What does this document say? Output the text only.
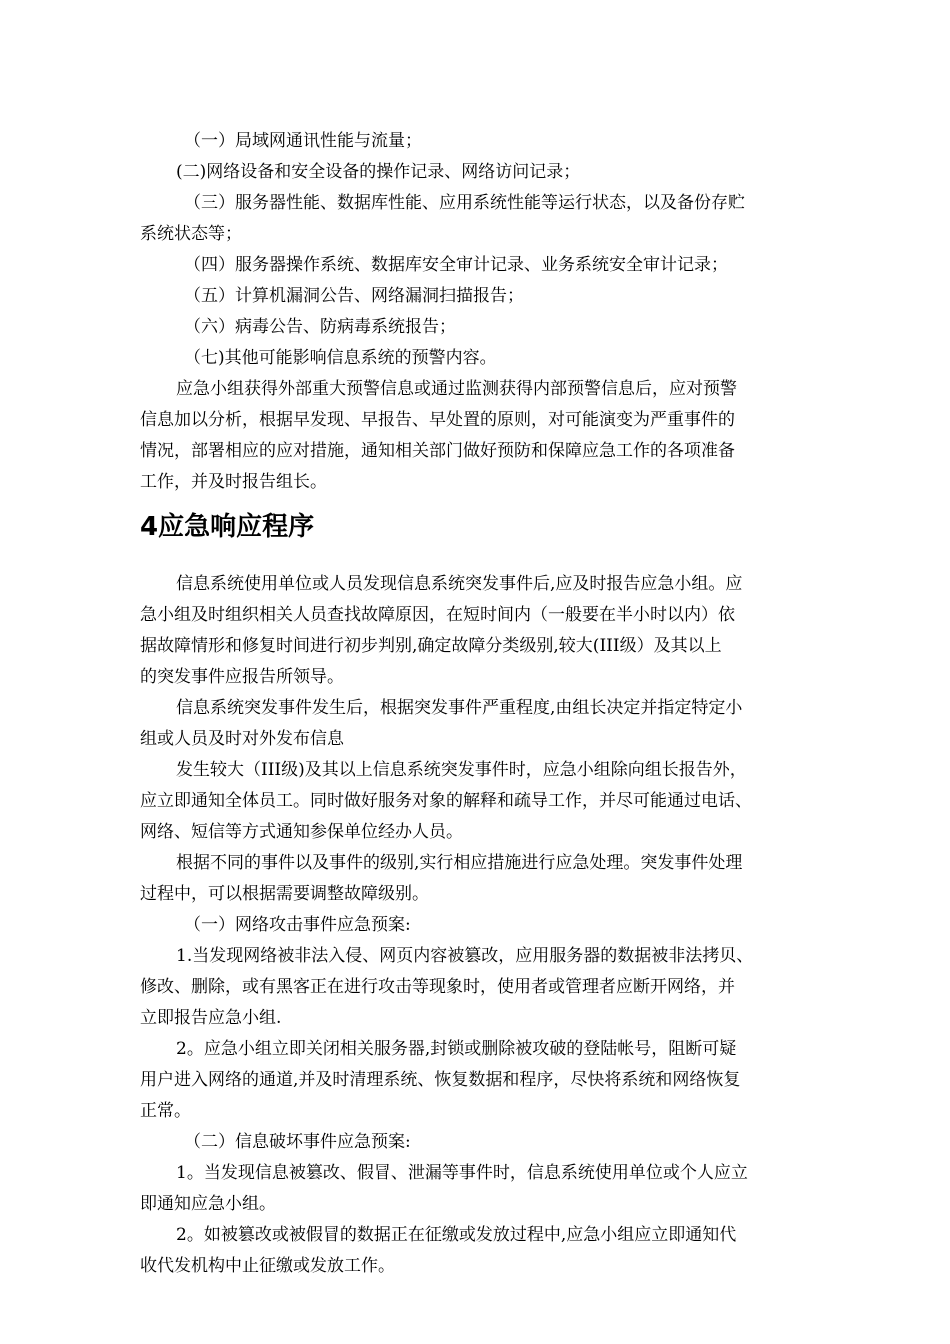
（一）局域网通讯性能与流量；
(二)网络设备和安全设备的操作记录、网络访问记录；
（三）服务器性能、数据库性能、应用系统性能等运行状态，以及备份存贮
系统状态等；
（四）服务器操作系统、数据库安全审计记录、业务系统安全审计记录；
（五）计算机漏洞公告、网络漏洞扫描报告；
（六）病毒公告、防病毒系统报告；
（七)其他可能影响信息系统的预警内容。
应急小组获得外部重大预警信息或通过监测获得内部预警信息后，应对预警
信息加以分析，根据早发现、早报告、早处置的原则，对可能演变为严重事件的
情况，部署相应的应对措施，通知相关部门做好预防和保障应急工作的各项准备
工作，并及时报告组长。
4应急响应程序
信息系统使用单位或人员发现信息系统突发事件后,应及时报告应急小组。应
急小组及时组织相关人员查找故障原因，在短时间内（一般要在半小时以内）依
据故障情形和修复时间进行初步判别,确定故障分类级别,较大(III级）及其以上
的突发事件应报告所领导。
信息系统突发事件发生后，根据突发事件严重程度,由组长决定并指定特定小
组或人员及时对外发布信息
发生较大（III级)及其以上信息系统突发事件时，应急小组除向组长报告外，
应立即通知全体员工。同时做好服务对象的解释和疏导工作，并尽可能通过电话、
网络、短信等方式通知参保单位经办人员。
根据不同的事件以及事件的级别,实行相应措施进行应急处理。突发事件处理
过程中，可以根据需要调整故障级别。
（一）网络攻击事件应急预案:
1.当发现网络被非法入侵、网页内容被篡改，应用服务器的数据被非法拷贝、
修改、删除，或有黑客正在进行攻击等现象时，使用者或管理者应断开网络，并
立即报告应急小组.
2。应急小组立即关闭相关服务器,封锁或删除被攻破的登陆帐号，阻断可疑
用户进入网络的通道,并及时清理系统、恢复数据和程序，尽快将系统和网络恢复
正常。
（二）信息破坏事件应急预案:
1。当发现信息被篡改、假冒、泄漏等事件时，信息系统使用单位或个人应立
即通知应急小组。
2。如被篡改或被假冒的数据正在征缴或发放过程中,应急小组应立即通知代
收代发机构中止征缴或发放工作。
